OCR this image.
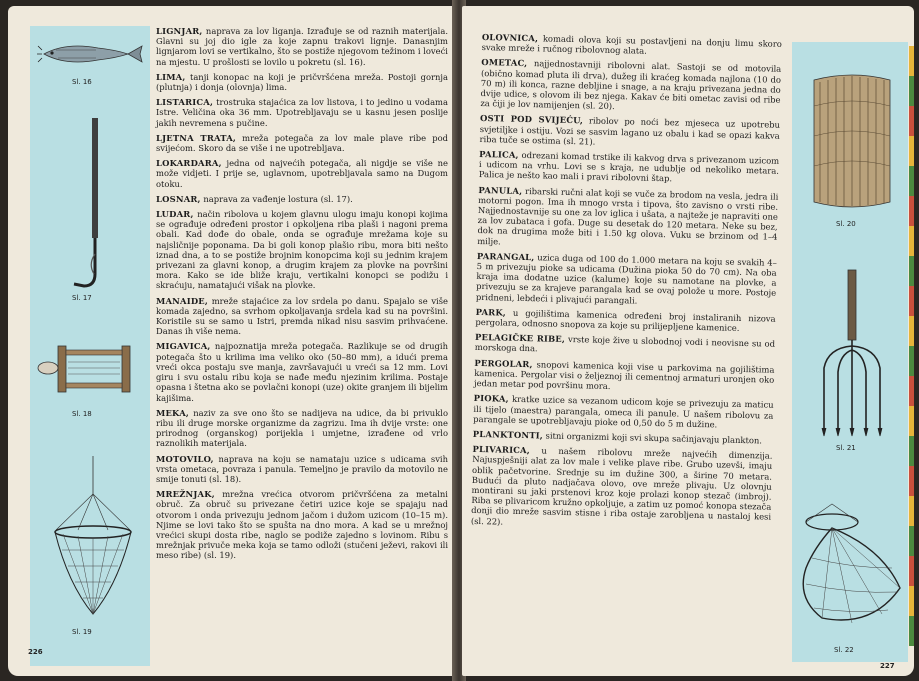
Sl. 16
Sl. 17
Sl. 18
Sl. 19
226

LIGNJAR, naprava za lov liganja. Izrađuje se od raznih materijala. Glavni su joj dio igle za koje zapnu trakovi lignje. Danasnjim lignjarom lovi se vertikalno, što se postiže njegovom težinom i loveći na mjestu. U prošlosti se lovilo u pokretu (sl. 16).

LIMA, tanji konopac na koji je pričvršćena mreža. Postoji gornja (plutnja) i donja (olovnja) lima.

LISTARICA, trostruka stajaćica za lov listova, i to jedino u vodama Istre. Veličina oka 36 mm. Upotrebljavaju se u kasnu jesen poslije jakih nevremena s pučine.

LJETNA TRATA, mreža potegača za lov male plave ribe pod svijećom. Skoro da se više i ne upotrebljava.

LOKARDARA, jedna od najvećih potegača, ali nigdje se više ne može vidjeti. I prije se, uglavnom, upotrebljavala samo na Dugom otoku.

LOSNAR, naprava za vađenje lostura (sl. 17).

LUDAR, način ribolova u kojem glavnu ulogu imaju konopi kojima se ograđuje određeni prostor i opkoljena riba plaši i nagoni prema obali. Kad dođe do obale, onda se ograđuje mrežama koje su najsličnije poponama. Da bi goli konop plašio ribu, mora biti nešto iznad dna, a to se postiže brojnim konopcima koji su jednim krajem privezani za glavni konop, a drugim krajem za plovke na površini mora. Kako se ide bliže kraju, vertikalni konopci se podižu i skraćuju, namatajući višak na plovke.

MANAIDE, mreže stajaćice za lov srdela po danu. Spajalo se više komada zajedno, sa svrhom opkoljavanja srdela kad su na površini. Koristile su se samo u Istri, premda nikad nisu sasvim prihvaćene. Danas ih više nema.

MIGAVICA, najpoznatija mreža potegača. Razlikuje se od drugih potegača što u krilima ima veliko oko (50–80 mm), a idući prema vreći okca postaju sve manja, završavajući u vreći sa 12 mm. Lovi giru i svu ostalu ribu koja se nađe među njezinim krilima. Postaje opasna i štetna ako se povlačni konopi (uze) okite granjem ili bijelim kajišima.

MEKA, naziv za sve ono što se nadijeva na udice, da bi privuklo ribu ili druge morske organizme da zagrizu. Ima ih dvije vrste: one prirodnog (organskog) porijekla i umjetne, izrađene od vrlo raznolikih materijala.

MOTOVILO, naprava na koju se namataju uzice s udicama svih vrsta ometaca, povraza i panula. Temeljno je pravilo da motovilo ne smije tonuti (sl. 18).

MREŽNJAK, mrežna vrećica otvorom pričvršćena za metalni obruč. Za obruč su privezane četiri uzice koje se spajaju nad otvorom i onda privezuju jednom jačom i dužom uzicom (10–15 m). Njime se lovi tako što se spušta na dno mora. A kad se u mrežnoj vrećici skupi dosta ribe, naglo se podiže zajedno s lovinom. Ribu s mrežnjak privuče meka koja se tamo odloži (stučeni ježevi, rakovi ili meso ribe) (sl. 19).

Sl. 20
Sl. 21
Sl. 22
227

OLOVNICA, komadi olova koji su postavljeni na donju limu skoro svake mreže i ručnog ribolovnog alata.

OMETAC, najjednostavniji ribolovni alat. Sastoji se od motovila (obično komad pluta ili drva), dužeg ili kraćeg komada najlona (10 do 70 m) ili konca, razne debljine i snage, a na kraju privezana jedna do dvije udice, s olovom ili bez njega. Kakav će biti ometac zavisi od ribe za čiji je lov namijenjen (sl. 20).

OSTI POD SVIJEĆU, ribolov po noći bez mjeseca uz upotrebu svjetiljke i ostiju. Vozi se sasvim lagano uz obalu i kad se opazi kakva riba tuče se ostima (sl. 21).

PALICA, odrezani komad trstike ili kakvog drva s privezanom uzicom i udicom na vrhu. Lovi se s kraja, ne udublje od nekoliko metara. Palica je nešto kao mali i pravi ribolovni štap.

PANULA, ribarski ručni alat koji se vuče za brodom na vesla, jedra ili motorni pogon. Ima ih mnogo vrsta i tipova, što zavisno o vrsti ribe. Najjednostavnije su one za lov iglica i ušata, a najteže je napraviti one za lov zubataca i gofa. Duge su desetak do 120 metara. Neke su bez, dok na drugima može biti i 1.50 kg olova. Vuku se brzinom od 1–4 milje.

PARANGAL, uzica duga od 100 do 1.000 metara na koju se svakih 4–5 m privezuju pioke sa udicama (Dužina pioka 50 do 70 cm). Na oba kraja ima dodatne uzice (kalume) koje su namotane na plovke, a privezuju se za krajeve parangala kad se ovaj polože u more. Postoje pridneni, lebdeći i plivajući parangali.

PARK, u gojilištima kamenica određeni broj instaliranih nizova pergolara, odnosno snopova za koje su prilijepljene kamenice.

PELAGIČKE RIBE, vrste koje žive u slobodnoj vodi i neovisne su od morskoga dna.

PERGOLAR, snopovi kamenica koji vise u parkovima na gojilištima kamenica. Pergolar visi o željeznoj ili cementnoj armaturi uronjen oko jedan metar pod površinu mora.

PIOKA, kratke uzice sa vezanom udicom koje se privezuju za maticu ili tijelo (maestra) parangala, omeca ili panule. U našem ribolovu za parangale se upotrebljavaju pioke od 0,50 do 5 m dužine.

PLANKTONTI, sitni organizmi koji svi skupa sačinjavaju plankton.

PLIVARICA, u našem ribolovu mreže najvećih dimenzija. Najuspješniji alat za lov male i velike plave ribe. Grubo uzevši, imaju oblik pačetvorine. Srednje su im dužine 300, a širine 70 metara. Budući da pluto nadjačava olovo, ove mreže plivaju. Uz olovnju montirani su jaki prstenovi kroz koje prolazi konop stezač (imbroj). Riba se plivaricom kružno opkoljuje, a zatim uz pomoć konopa stezača donji dio mreže sasvim stisne i riba ostaje zarobljena u nastaloj kesi (sl. 22).
